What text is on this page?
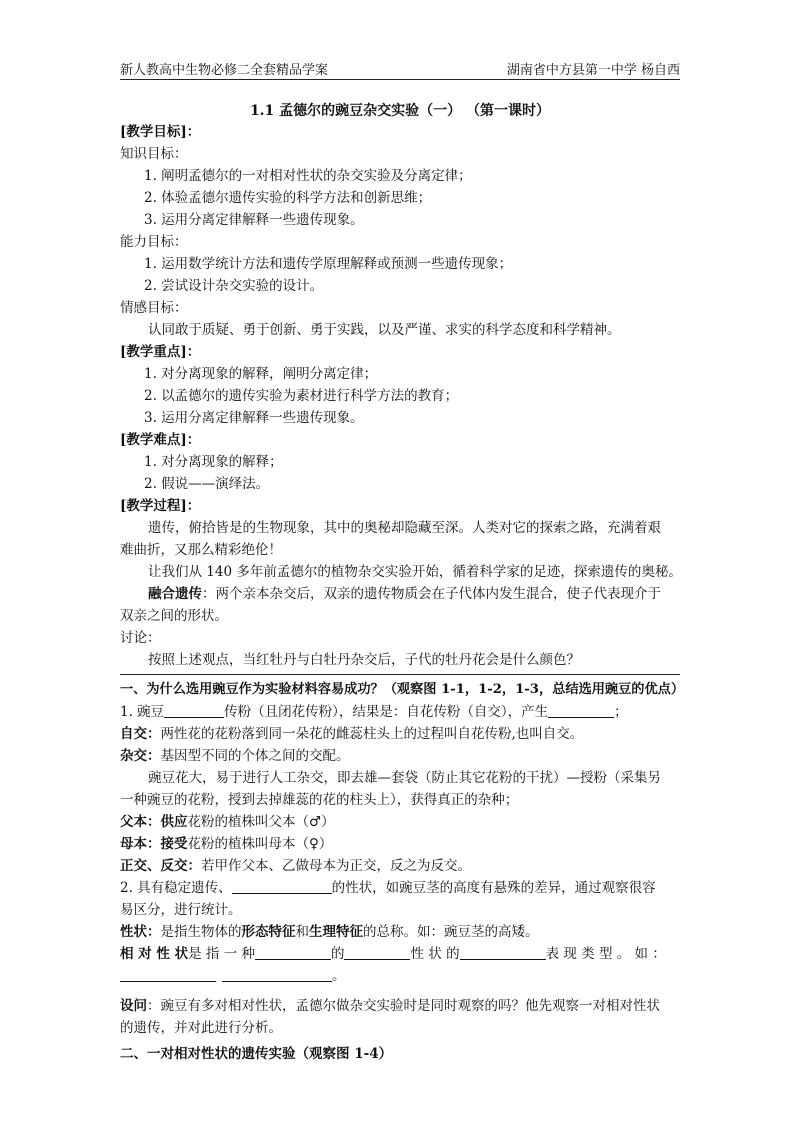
新人教高中生物必修二全套精品学案	湖南省中方县第一中学 杨自西
1.1 孟德尔的豌豆杂交实验（一） （第一课时）
[教学目标]：
知识目标：
1. 阐明孟德尔的一对相对性状的杂交实验及分离定律；
2. 体验孟德尔遗传实验的科学方法和创新思维；
3. 运用分离定律解释一些遗传现象。
能力目标：
1. 运用数学统计方法和遗传学原理解释或预测一些遗传现象；
2. 尝试设计杂交实验的设计。
情感目标：
认同敢于质疑、勇于创新、勇于实践，以及严谨、求实的科学态度和科学精神。
[教学重点]：
1. 对分离现象的解释，阐明分离定律；
2. 以孟德尔的遗传实验为素材进行科学方法的教育；
3. 运用分离定律解释一些遗传现象。
[教学难点]：
1. 对分离现象的解释；
2. 假说——演绎法。
[教学过程]：
遗传，俯拾皆是的生物现象，其中的奥秘却隐藏至深。人类对它的探索之路，充满着艰
难曲折，又那么精彩绝伦！
让我们从 140 多年前孟德尔的植物杂交实验开始，循着科学家的足迹，探索遗传的奥秘。
融合遗传：两个亲本杂交后，双亲的遗传物质会在子代体内发生混合，使子代表现介于
双亲之间的形状。
讨论：
按照上述观点，当红牡丹与白牡丹杂交后，子代的牡丹花会是什么颜色？
一、为什么选用豌豆作为实验材料容易成功？（观察图 1-1，1-2，1-3，总结选用豌豆的优点）
1. 豌豆	传粉（且闭花传粉），结果是：自花传粉（自交），产生	；
自交：两性花的花粉落到同一朵花的雌蕊柱头上的过程叫自花传粉,也叫自交。
杂交：基因型不同的个体之间的交配。
豌豆花大，易于进行人工杂交，即去雄—套袋（防止其它花粉的干扰）—授粉（采集另
一种豌豆的花粉，授到去掉雄蕊的花的柱头上），获得真正的杂种；
父本：供应花粉的植株叫父本（♂）
母本：接受花粉的植株叫母本（♀）
正交、反交：若甲作父本、乙做母本为正交，反之为反交。
2. 具有稳定遗传、	的性状，如豌豆茎的高度有悬殊的差异，通过观察很容
易区分，进行统计。
性状：是指生物体的形态特征和生理特征的总称。如：豌豆茎的高矮。
相 对 性 状是 指 一 种	的	性 状 的	表 现 类 型 。 如 ：
。
设问：豌豆有多对相对性状，孟德尔做杂交实验时是同时观察的吗？他先观察一对相对性状
的遗传，并对此进行分析。
二、一对相对性状的遗传实验（观察图 1-4）
